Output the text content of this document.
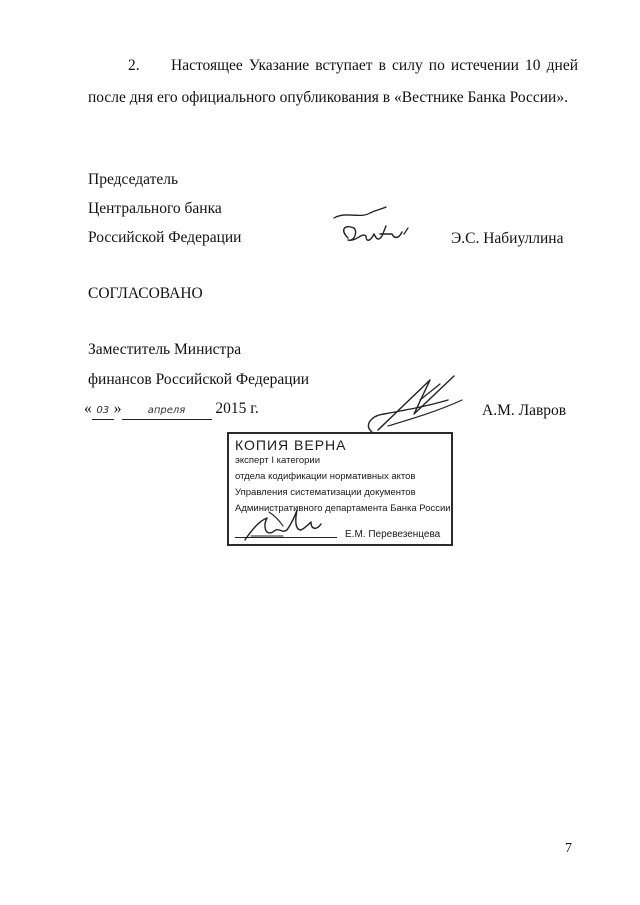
2. Настоящее Указание вступает в силу по истечении 10 дней
после дня его официального опубликования в «Вестнике Банка России».
Председатель
Центрального банка
Российской Федерации	Э.С. Набиуллина
СОГЛАСОВАНО
Заместитель Министра
финансов Российской Федерации
« 03 »	апреля 2015 г.	А.М. Лавров
КОПИЯ ВЕРНА
эксперт I категории
отдела кодификации нормативных актов
Управления систематизации документов
Административного департамента Банка России
Е.М. Перевезенцева
7
